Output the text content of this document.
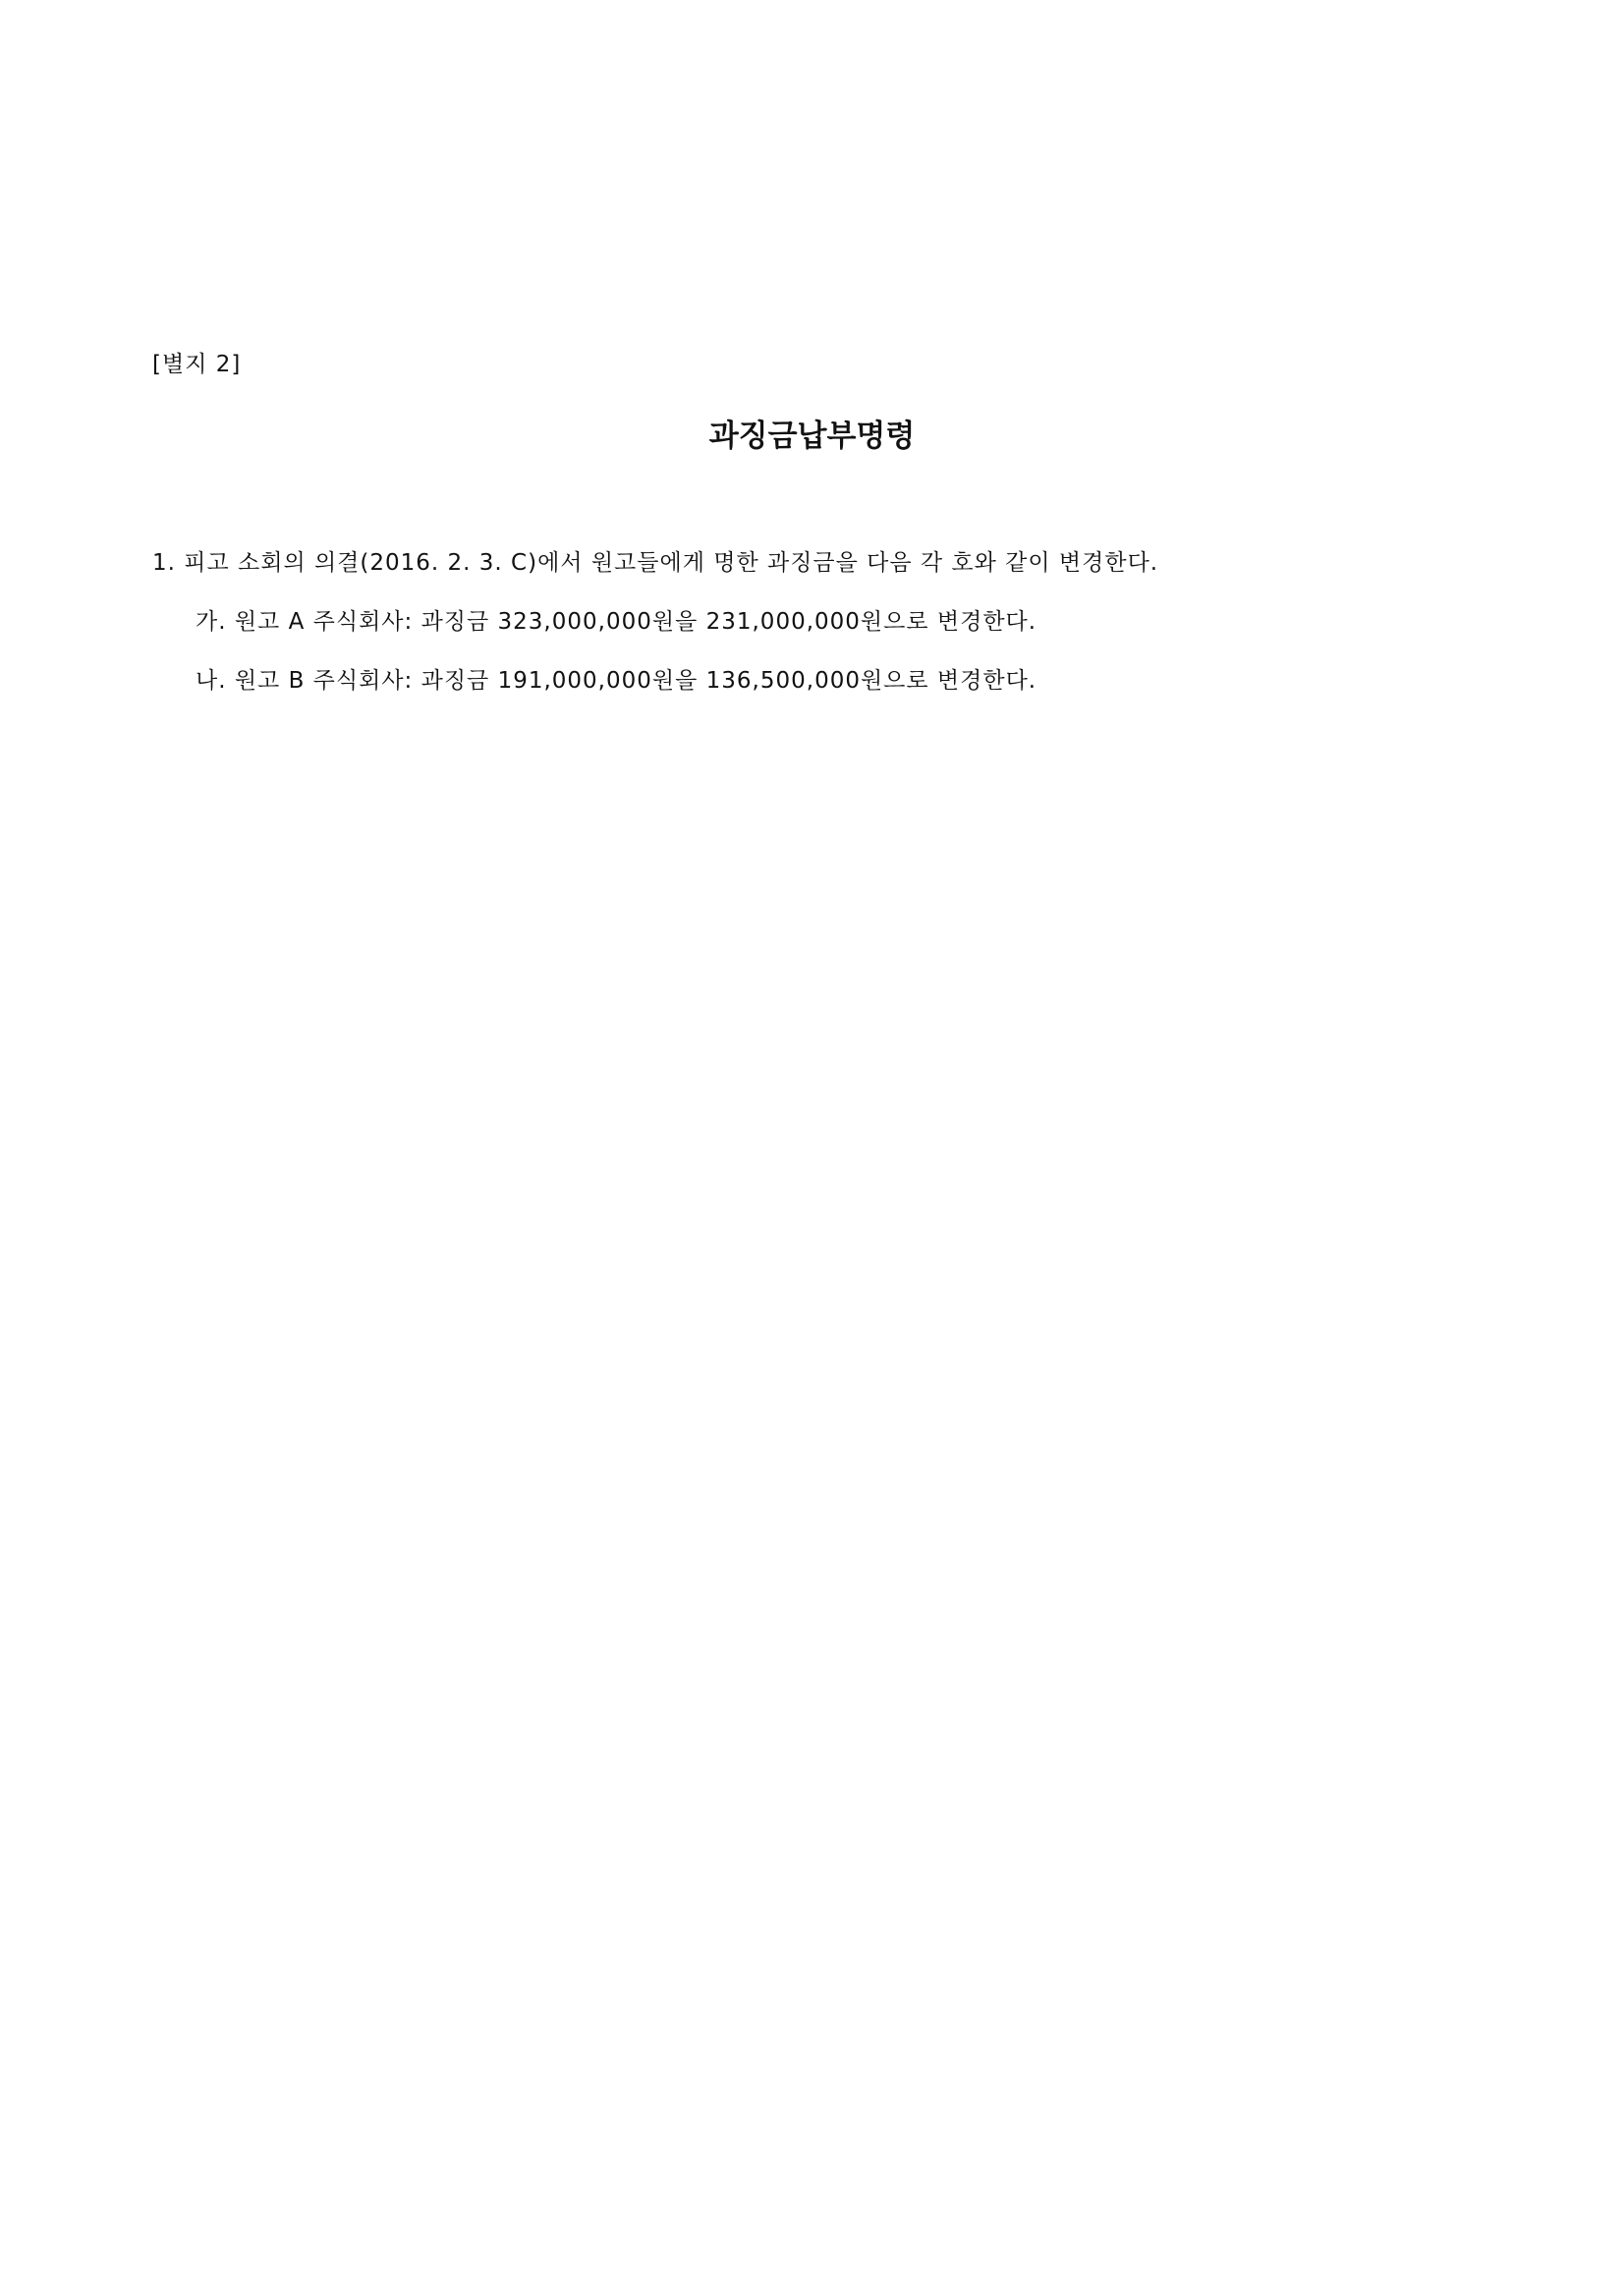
[별지 2]
과징금납부명령
1. 피고 소회의 의결(2016. 2. 3. C)에서 원고들에게 명한 과징금을 다음 각 호와 같이 변경한다.
가. 원고 A 주식회사: 과징금 323,000,000원을 231,000,000원으로 변경한다.
나. 원고 B 주식회사: 과징금 191,000,000원을 136,500,000원으로 변경한다.
